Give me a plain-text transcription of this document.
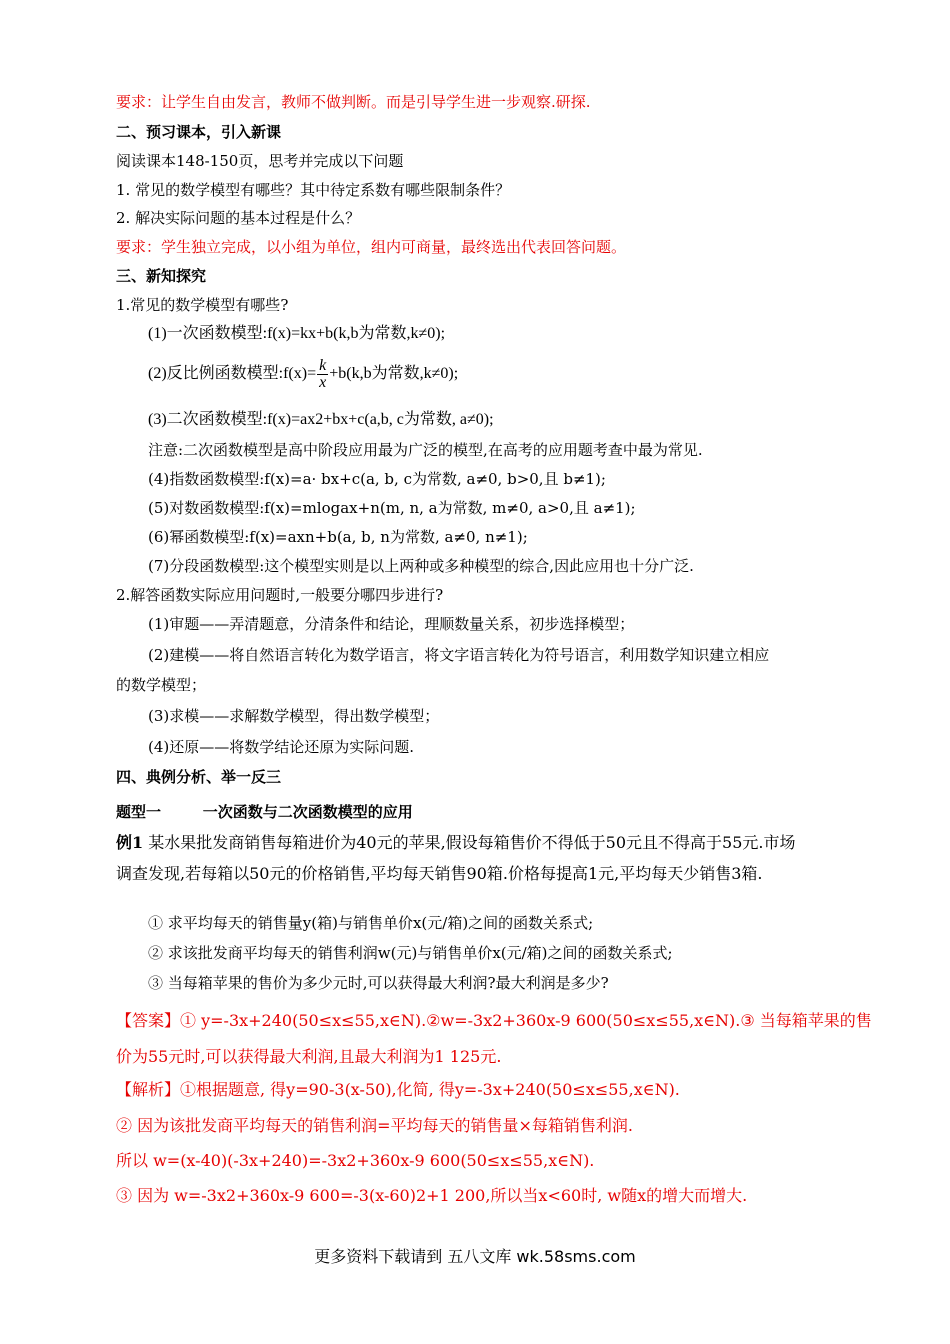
要求：让学生自由发言，教师不做判断。而是引导学生进一步观察.研探.
二、预习课本，引入新课
阅读课本148-150页，思考并完成以下问题
1. 常见的数学模型有哪些？其中待定系数有哪些限制条件？
2. 解决实际问题的基本过程是什么？
要求：学生独立完成，以小组为单位，组内可商量，最终选出代表回答问题。
三、新知探究
1.常见的数学模型有哪些?
(1)一次函数模型:f(x)=kx+b(k,b为常数,k≠0);
(2)反比例函数模型:f(x)= $\frac{k}{x} +b(k,b$为常数,k≠0);
(3)二次函数模型:f(x)=ax2+bx+c(a,b, c为常数, a≠0);
注意:二次函数模型是高中阶段应用最为广泛的模型,在高考的应用题考查中最为常见.
(4)指数函数模型:f(x)=a· bx+c(a, b, c为常数, a≠0, b>0,且 b≠1);
(5)对数函数模型:f(x)=mlogax+n(m, n, a为常数, m≠0, a>0,且 a≠1);
(6)幂函数模型:f(x)=axn+b(a, b, n为常数, a≠0, n≠1);
(7)分段函数模型:这个模型实则是以上两种或多种模型的综合,因此应用也十分广泛.
2.解答函数实际应用问题时,一般要分哪四步进行?
(1)审题——弄清题意，分清条件和结论，理顺数量关系，初步选择模型；
(2)建模——将自然语言转化为数学语言，将文字语言转化为符号语言，利用数学知识建立相应
的数学模型；
(3)求模——求解数学模型，得出数学模型；
(4)还原——将数学结论还原为实际问题.
四、典例分析、举一反三
题型一        一次函数与二次函数模型的应用
例1 某水果批发商销售每箱进价为40元的苹果,假设每箱售价不得低于50元且不得高于55元.市场
调查发现,若每箱以50元的价格销售,平均每天销售90箱.价格每提高1元,平均每天少销售3箱.
① 求平均每天的销售量y(箱)与销售单价x(元/箱)之间的函数关系式;
② 求该批发商平均每天的销售利润w(元)与销售单价x(元/箱)之间的函数关系式;
③ 当每箱苹果的售价为多少元时,可以获得最大利润?最大利润是多少?
【答案】① y=-3x+240(50≤x≤55,x∈N).②w=-3x2+360x-9 600(50≤x≤55,x∈N).③ 当每箱苹果的售
价为55元时,可以获得最大利润,且最大利润为1 125元.
【解析】①根据题意, 得y=90-3(x-50),化简, 得y=-3x+240(50≤x≤55,x∈N).
② 因为该批发商平均每天的销售利润=平均每天的销售量×每箱销售利润.
所以 w=(x-40)(-3x+240)=-3x2+360x-9 600(50≤x≤55,x∈N).
③ 因为 w=-3x2+360x-9 600=-3(x-60)2+1 200,所以当x<60时, w随x的增大而增大.
更多资料下载请到 五八文库 wk.58sms.com
